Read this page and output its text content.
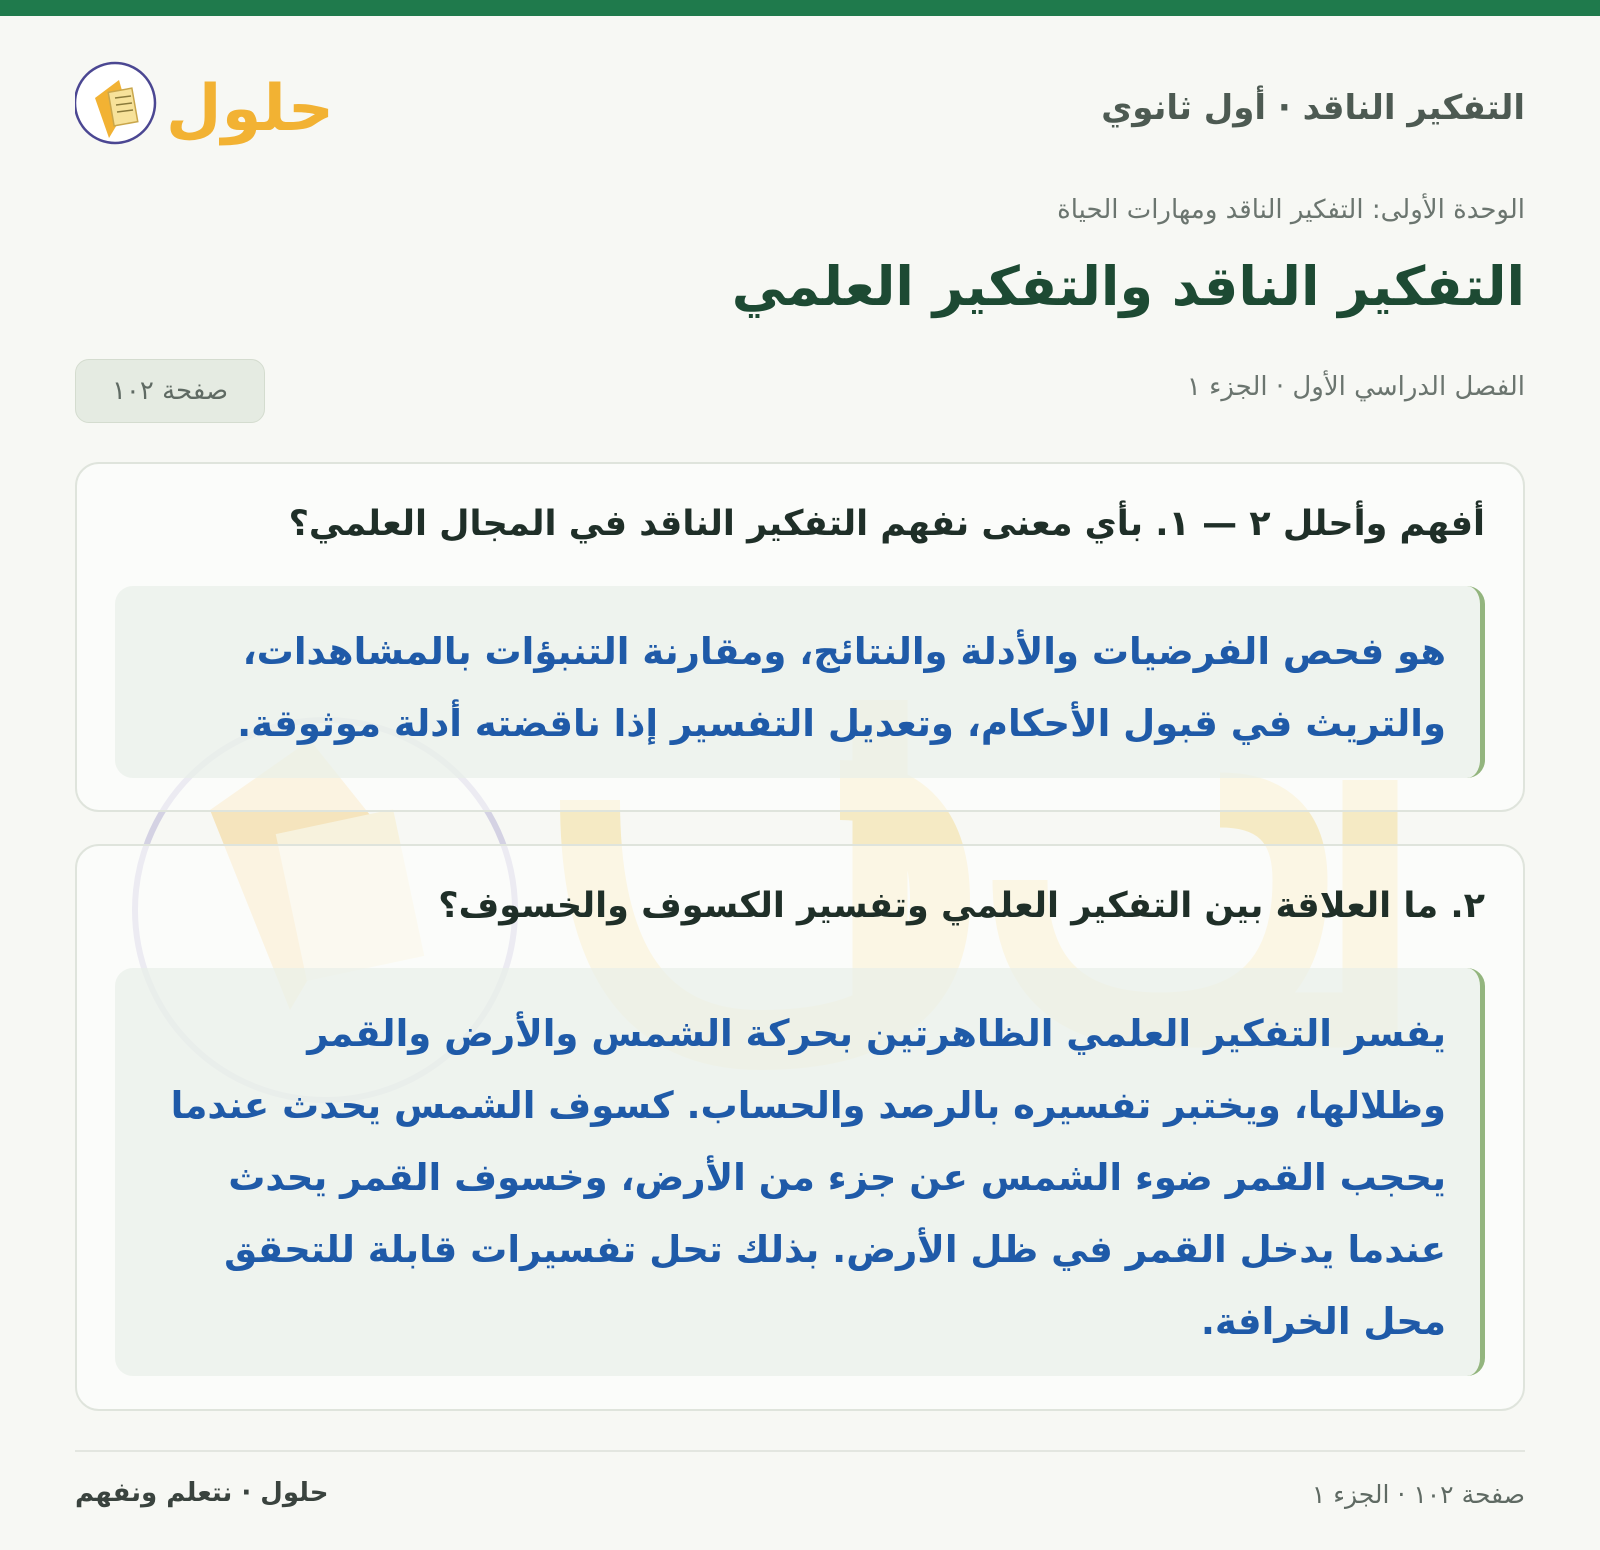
التفكير الناقد · أول ثانوي
حلول
الوحدة الأولى: التفكير الناقد ومهارات الحياة
التفكير الناقد والتفكير العلمي
الفصل الدراسي الأول · الجزء ١
صفحة ١٠٢
أفهم وأحلل ٢ — ١. بأي معنى نفهم التفكير الناقد في المجال العلمي؟
هو فحص الفرضيات والأدلة والنتائج، ومقارنة التنبؤات بالمشاهدات، والتريث في قبول الأحكام، وتعديل التفسير إذا ناقضته أدلة موثوقة.
٢. ما العلاقة بين التفكير العلمي وتفسير الكسوف والخسوف؟
يفسر التفكير العلمي الظاهرتين بحركة الشمس والأرض والقمر وظلالها، ويختبر تفسيره بالرصد والحساب. كسوف الشمس يحدث عندما يحجب القمر ضوء الشمس عن جزء من الأرض، وخسوف القمر يحدث عندما يدخل القمر في ظل الأرض. بذلك تحل تفسيرات قابلة للتحقق محل الخرافة.
صفحة ١٠٢ · الجزء ١
حلول · نتعلم ونفهم
